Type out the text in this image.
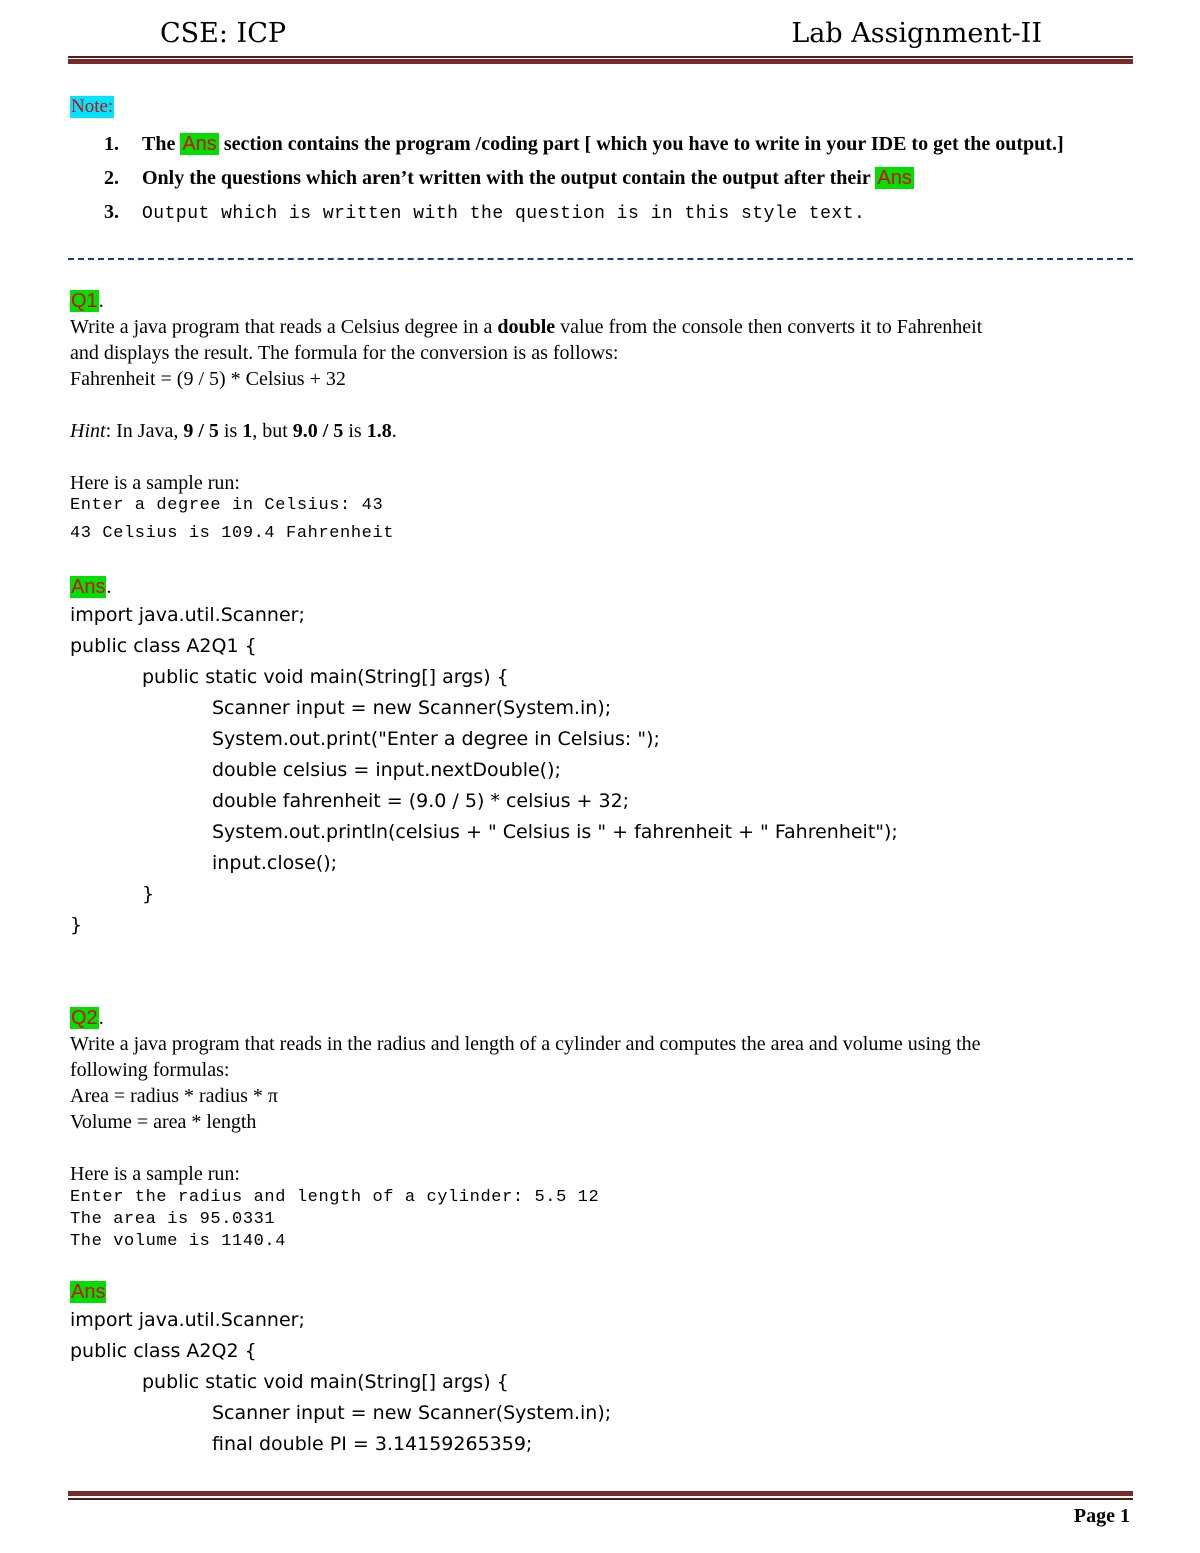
CSE: ICP	Lab Assignment-II
Note:
1. The Ans section contains the program /coding part [ which you have to write in your IDE to get the output.]
2. Only the questions which aren’t written with the output contain the output after their Ans
3. Output which is written with the question is in this style text.
Q1.
Write a java program that reads a Celsius degree in a double value from the console then converts it to Fahrenheit
and displays the result. The formula for the conversion is as follows:
Fahrenheit = (9 / 5) * Celsius + 32
Hint: In Java, 9 / 5 is 1, but 9.0 / 5 is 1.8.
Here is a sample run:
Enter a degree in Celsius: 43
43 Celsius is 109.4 Fahrenheit
Ans.
import java.util.Scanner;
public class A2Q1 {
public static void main(String[] args) {
Scanner input = new Scanner(System.in);
System.out.print("Enter a degree in Celsius: ");
double celsius = input.nextDouble();
double fahrenheit = (9.0 / 5) * celsius + 32;
System.out.println(celsius + " Celsius is " + fahrenheit + " Fahrenheit");
input.close();
}
}
Q2.
Write a java program that reads in the radius and length of a cylinder and computes the area and volume using the
following formulas:
Area = radius * radius * π
Volume = area * length
Here is a sample run:
Enter the radius and length of a cylinder: 5.5 12
The area is 95.0331
The volume is 1140.4
Ans
import java.util.Scanner;
public class A2Q2 {
public static void main(String[] args) {
Scanner input = new Scanner(System.in);
final double PI = 3.14159265359;
Page 1
